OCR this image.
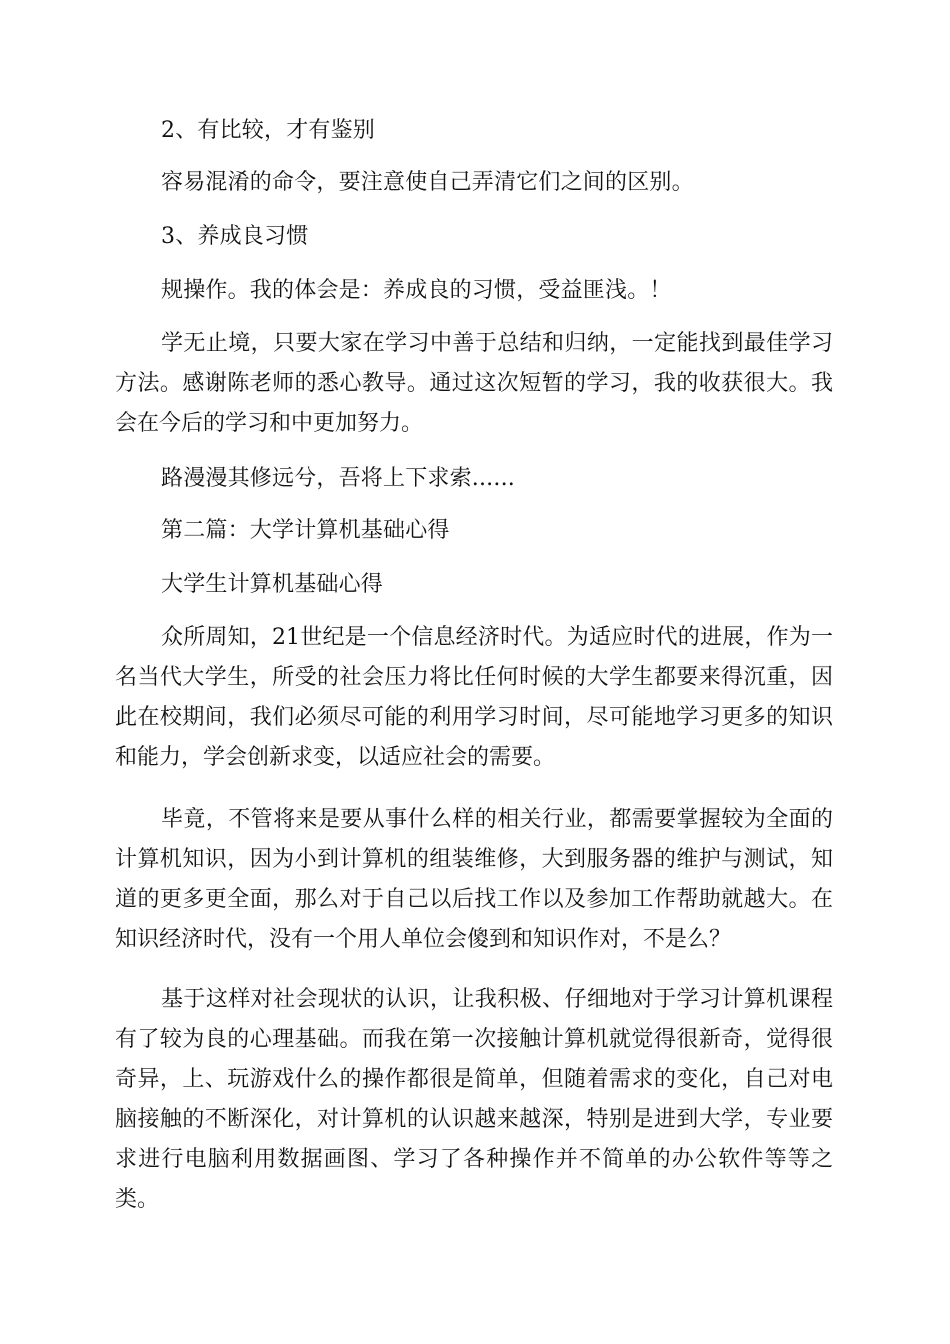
2、有比较，才有鉴别
容易混淆的命令，要注意使自己弄清它们之间的区别。
3、养成良习惯
规操作。我的体会是：养成良的习惯，受益匪浅。！
学无止境，只要大家在学习中善于总结和归纳，一定能找到最佳学习方法。感谢陈老师的悉心教导。通过这次短暂的学习，我的收获很大。我会在今后的学习和中更加努力。
路漫漫其修远兮，吾将上下求索......
第二篇：大学计算机基础心得
大学生计算机基础心得
众所周知，21世纪是一个信息经济时代。为适应时代的进展，作为一名当代大学生，所受的社会压力将比任何时候的大学生都要来得沉重，因此在校期间，我们必须尽可能的利用学习时间，尽可能地学习更多的知识和能力，学会创新求变，以适应社会的需要。
毕竟，不管将来是要从事什么样的相关行业，都需要掌握较为全面的计算机知识，因为小到计算机的组装维修，大到服务器的维护与测试，知道的更多更全面，那么对于自己以后找工作以及参加工作帮助就越大。在知识经济时代，没有一个用人单位会傻到和知识作对，不是么？
基于这样对社会现状的认识，让我积极、仔细地对于学习计算机课程有了较为良的心理基础。而我在第一次接触计算机就觉得很新奇，觉得很奇异，上、玩游戏什么的操作都很是简单，但随着需求的变化，自己对电脑接触的不断深化，对计算机的认识越来越深，特别是进到大学，专业要求进行电脑利用数据画图、学习了各种操作并不简单的办公软件等等之类。
